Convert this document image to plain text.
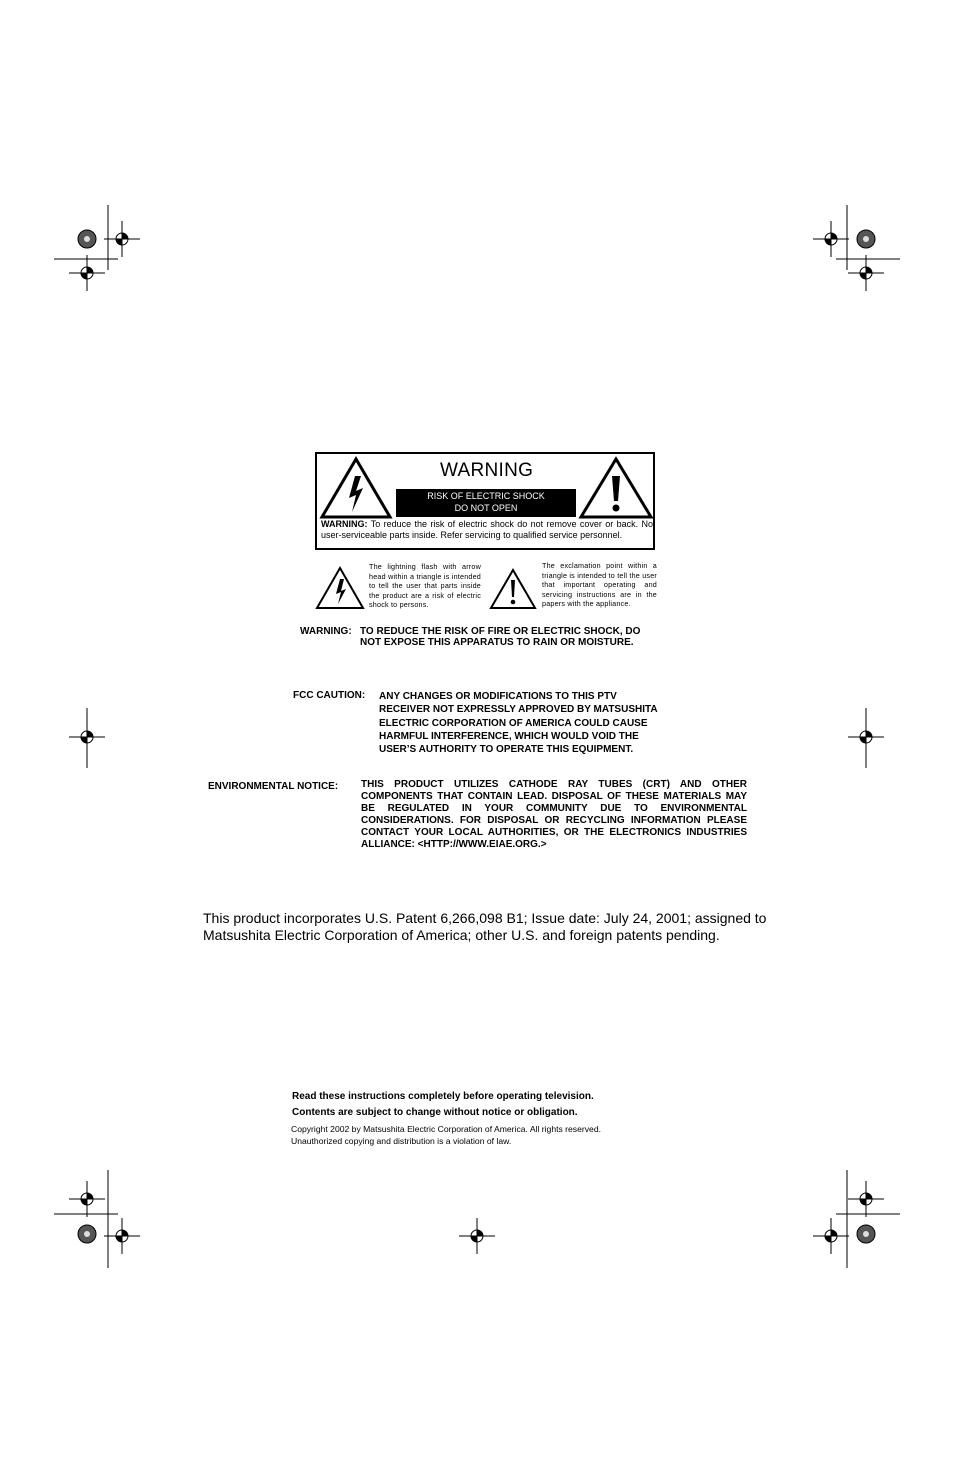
WARNING
RISK OF ELECTRIC SHOCK
DO NOT OPEN
WARNING: To reduce the risk of electric shock do not remove cover or back. No user-serviceable parts inside. Refer servicing to qualified service personnel.
The lightning flash with arrow head within a triangle is intended to tell the user that parts inside the product are a risk of electric shock to persons.
The exclamation point within a triangle is intended to tell the user that important operating and servicing instructions are in the papers with the appliance.
WARNING: TO REDUCE THE RISK OF FIRE OR ELECTRIC SHOCK, DO
NOT EXPOSE THIS APPARATUS TO RAIN OR MOISTURE.
FCC CAUTION: ANY CHANGES OR MODIFICATIONS TO THIS PTV RECEIVER NOT EXPRESSLY APPROVED BY MATSUSHITA ELECTRIC CORPORATION OF AMERICA COULD CAUSE HARMFUL INTERFERENCE, WHICH WOULD VOID THE USER’S AUTHORITY TO OPERATE THIS EQUIPMENT.
ENVIRONMENTAL NOTICE: THIS PRODUCT UTILIZES CATHODE RAY TUBES (CRT) AND OTHER COMPONENTS THAT CONTAIN LEAD. DISPOSAL OF THESE MATERIALS MAY BE REGULATED IN YOUR COMMUNITY DUE TO ENVIRONMENTAL CONSIDERATIONS. FOR DISPOSAL OR RECYCLING INFORMATION PLEASE CONTACT YOUR LOCAL AUTHORITIES, OR THE ELECTRONICS INDUSTRIES ALLIANCE: <HTTP://WWW.EIAE.ORG.>
This product incorporates U.S. Patent 6,266,098 B1; Issue date: July 24, 2001; assigned to Matsushita Electric Corporation of America; other U.S. and foreign patents pending.
Read these instructions completely before operating television.
Contents are subject to change without notice or obligation.
Copyright 2002 by Matsushita Electric Corporation of America. All rights reserved.
Unauthorized copying and distribution is a violation of law.
